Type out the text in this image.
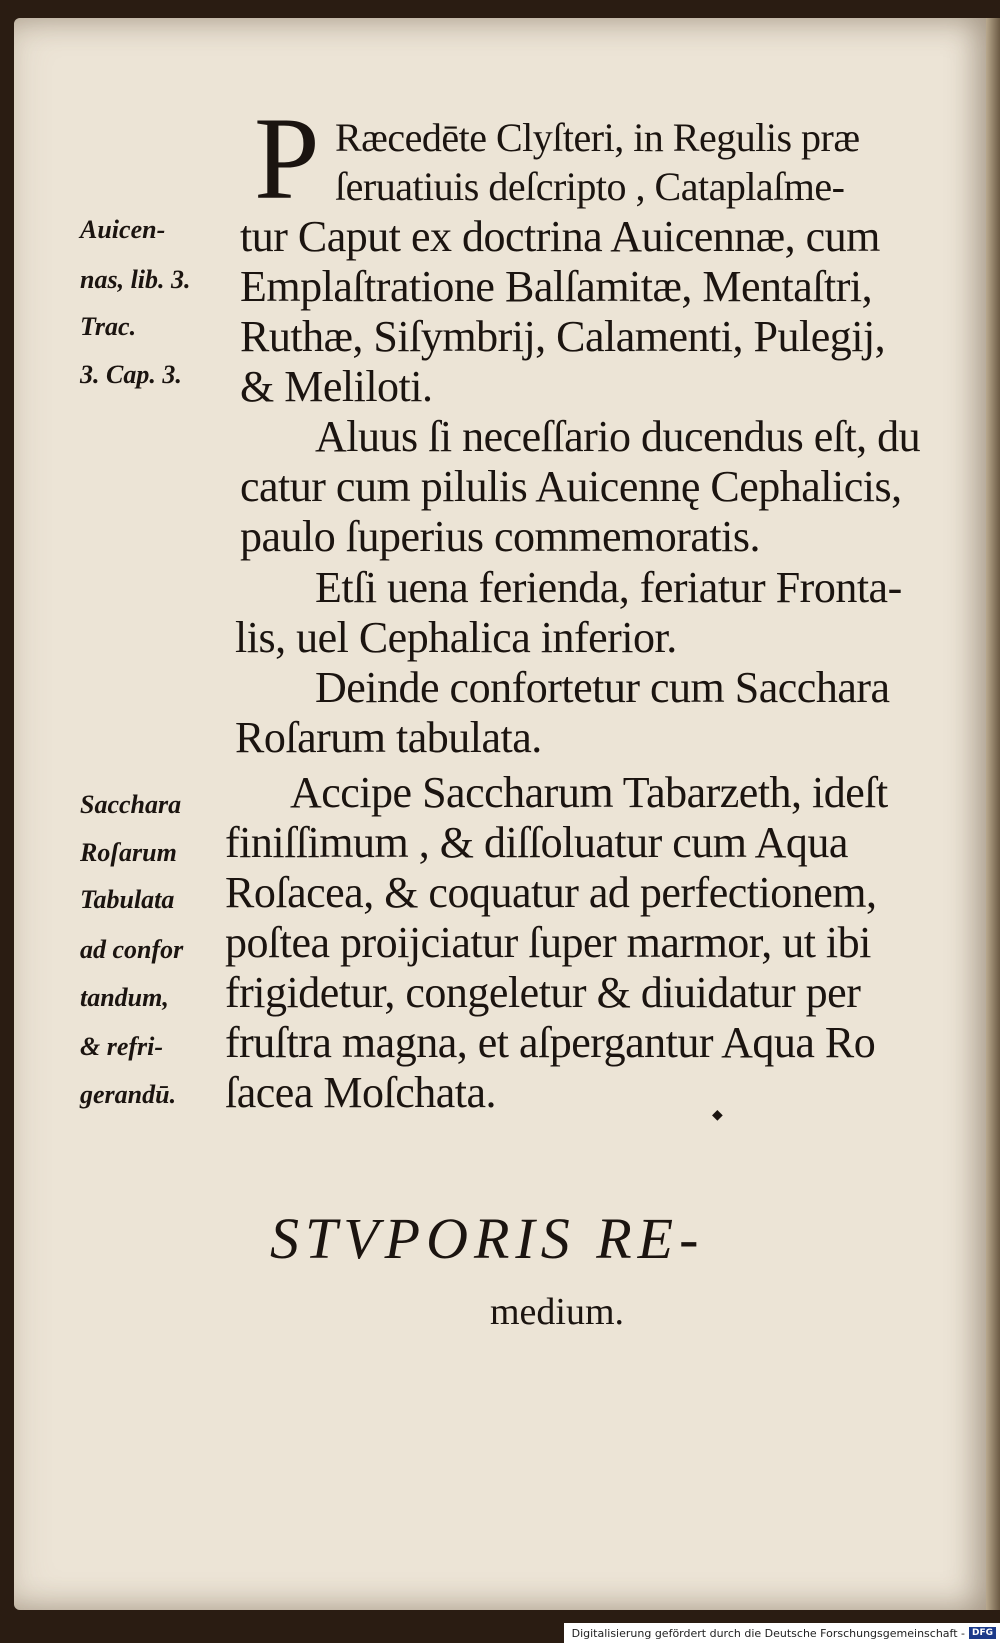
P Ræcedēte Clyſteri, in Regulis præ
ſeruatiuis deſcripto , Cataplaſme-
tur Caput ex doctrina Auicennæ, cum
Emplaſtratione Balſamitæ, Mentaſtri,
Ruthæ, Siſymbrij, Calamenti, Pulegij,
& Meliloti.
Aluus ſi neceſſario ducendus eſt, du
catur cum pilulis Auicennę Cephalicis,
paulo ſuperius commemoratis.
Etſi uena ferienda, feriatur Fronta-
lis, uel Cephalica inferior.
Deinde confortetur cum Sacchara
Roſarum tabulata.
Accipe Saccharum Tabarzeth, ideſt
finiſſimum , & diſſoluatur cum Aqua
Roſacea, & coquatur ad perfectionem,
poſtea proijciatur ſuper marmor, ut ibi
frigidetur, congeletur & diuidatur per
fruſtra magna, et aſpergantur Aqua Ro
ſacea Moſchata.
Auicen-
nas, lib. 3.
Trac.
3. Cap. 3.
Sacchara
Roſarum
Tabulata
ad confor
tandum,
& refri-
gerandū.
◆
STVPORIS RE-
medium.
Digitalisierung gefördert durch die Deutsche Forschungsgemeinschaft - DFG
